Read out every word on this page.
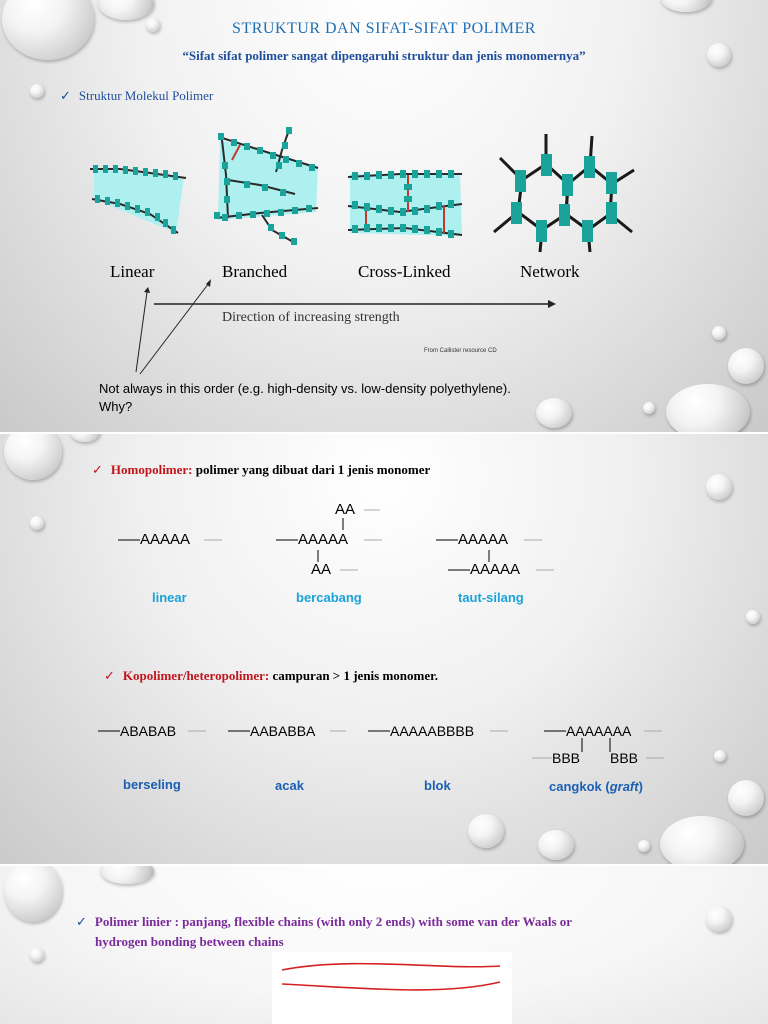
STRUKTUR DAN SIFAT-SIFAT POLIMER
“Sifat sifat polimer sangat dipengaruhi struktur dan jenis monomernya”
✓ Struktur Molekul Polimer
Linear	Branched	Cross-Linked	Network
Direction of increasing strength
From Callister resource CD
Not always in this order (e.g. high-density vs. low-density polyethylene).
Why?
✓ Homopolimer: polimer yang dibuat dari 1 jenis monomer
AAAAA
AA
AAAAA
AA
AAAAA
AAAAA
linear	bercabang	taut-silang
✓ Kopolimer/heteropolimer: campuran > 1 jenis monomer.
ABABAB	AABABBA	AAAAABBBB	AAAAAAA
BBB BBB
berseling	acak	blok	cangkok (graft)
✓ Polimer linier : panjang, flexible chains (with only 2 ends) with some van der Waals or
hydrogen bonding between chains
